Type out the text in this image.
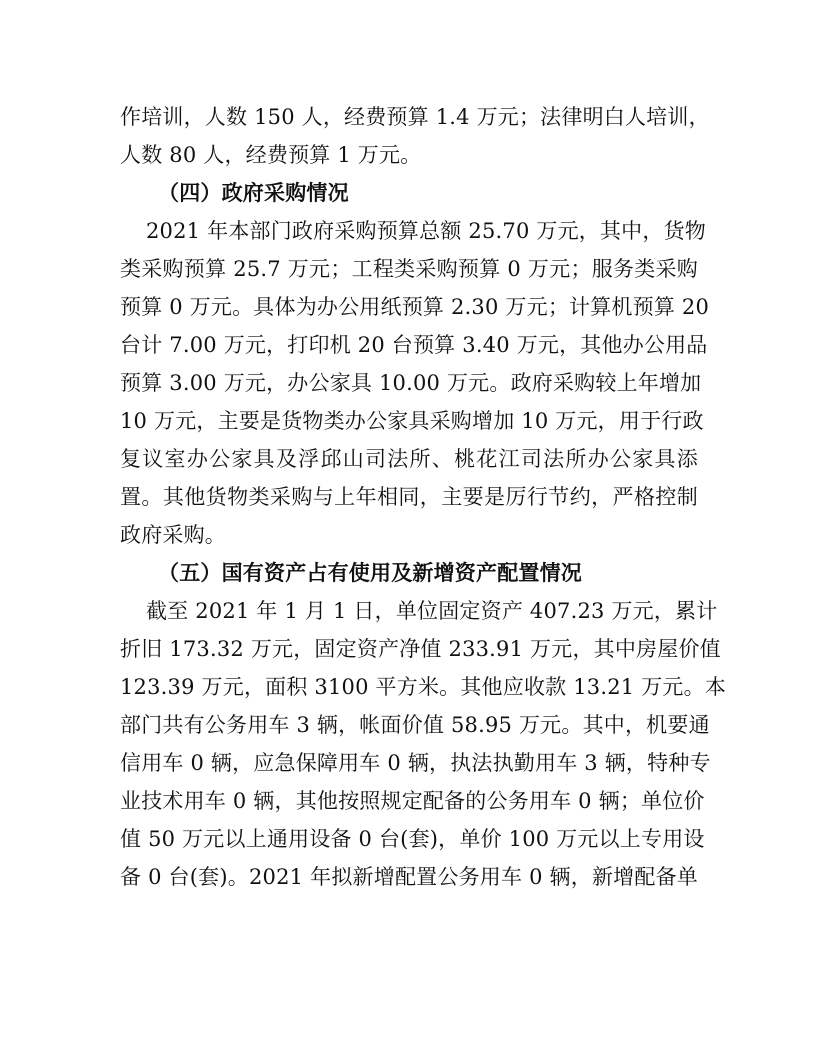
作培训，人数 150 人，经费预算 1.4 万元；法律明白人培训，
人数 80 人，经费预算 1 万元。
（四）政府采购情况
2021 年本部门政府采购预算总额 25.70 万元，其中，货物
类采购预算 25.7 万元；工程类采购预算 0 万元；服务类采购
预算 0 万元。具体为办公用纸预算 2.30 万元；计算机预算 20
台计 7.00 万元，打印机 20 台预算 3.40 万元，其他办公用品
预算 3.00 万元，办公家具 10.00 万元。政府采购较上年增加
10 万元，主要是货物类办公家具采购增加 10 万元，用于行政
复议室办公家具及浮邱山司法所、桃花江司法所办公家具添
置。其他货物类采购与上年相同，主要是厉行节约，严格控制
政府采购。
（五）国有资产占有使用及新增资产配置情况
截至 2021 年 1 月 1 日，单位固定资产 407.23 万元，累计
折旧 173.32 万元，固定资产净值 233.91 万元，其中房屋价值
123.39 万元，面积 3100 平方米。其他应收款 13.21 万元。本
部门共有公务用车 3 辆，帐面价值 58.95 万元。其中，机要通
信用车 0 辆，应急保障用车 0 辆，执法执勤用车 3 辆，特种专
业技术用车 0 辆，其他按照规定配备的公务用车 0 辆；单位价
值 50 万元以上通用设备 0 台(套)，单价 100 万元以上专用设
备 0 台(套)。2021 年拟新增配置公务用车 0 辆，新增配备单
